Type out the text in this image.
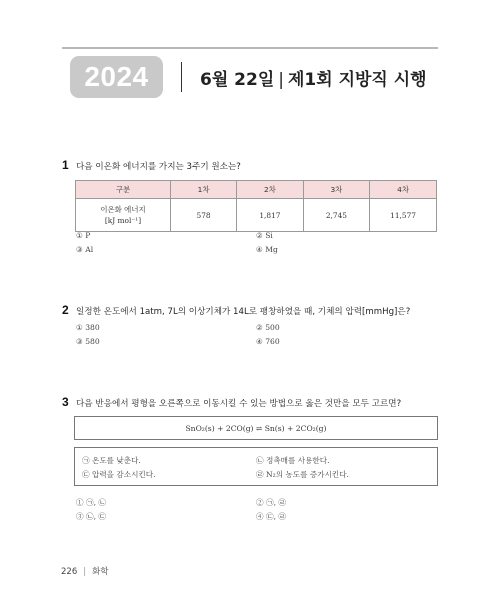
2024	6월 22일 | 제1회 지방직 시행
1 다음 이온화 에너지를 가지는 3주기 원소는?
구분	1차	2차	3차	4차

이온화 에너지
[kJ mol⁻¹]	578	1,817	2,745	11,577
① P	② Si
③ Al	④ Mg
2 일정한 온도에서 1atm, 7L의 이상기체가 14L로 팽창하였을 때, 기체의 압력[mmHg]은?
① 380	② 500
③ 580	④ 760
3 다음 반응에서 평형을 오른쪽으로 이동시킬 수 있는 방법으로 옳은 것만을 모두 고르면?
SnO₂(s) + 2CO(g) ⇌ Sn(s) + 2CO₂(g)
㉠ 온도를 낮춘다.	㉡ 정촉매를 사용한다.
㉢ 압력을 감소시킨다.	㉣ N₂의 농도를 증가시킨다.
① ㉠, ㉡	② ㉠, ㉣
③ ㉡, ㉢	④ ㉢, ㉣
226 | 화학
